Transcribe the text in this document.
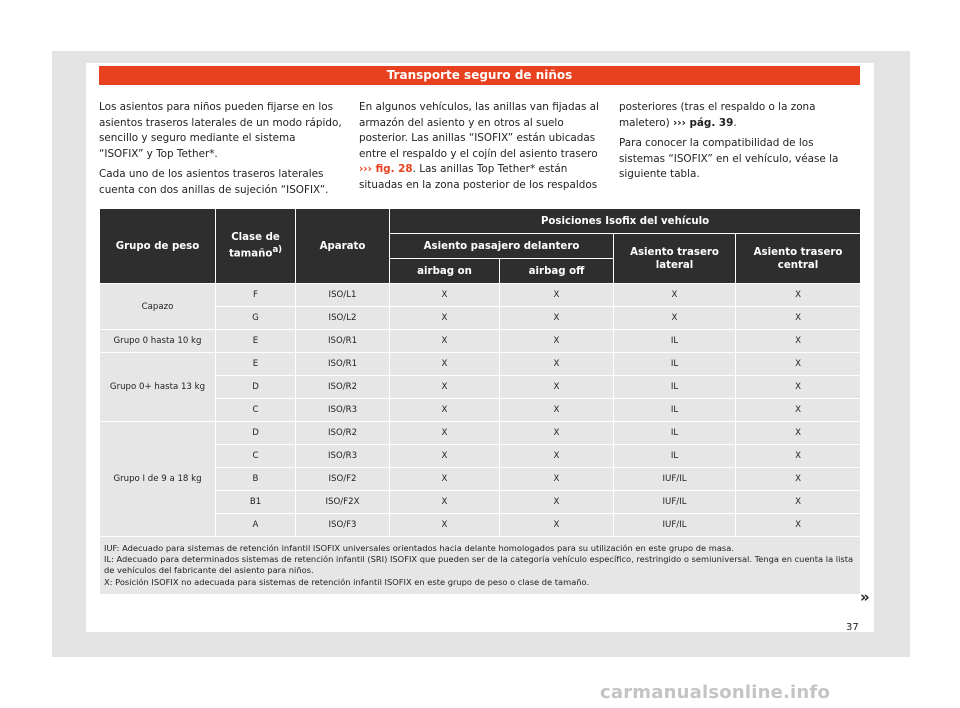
Transporte seguro de niños

Los asientos para niños pueden fijarse en los asientos traseros laterales de un modo rápido, sencillo y seguro mediante el sistema “ISOFIX” y Top Tether*.

Cada uno de los asientos traseros laterales cuenta con dos anillas de sujeción “ISOFIX”.

En algunos vehículos, las anillas van fijadas al armazón del asiento y en otros al suelo posterior. Las anillas “ISOFIX” están ubicadas entre el respaldo y el cojín del asiento trasero ››› fig. 28. Las anillas Top Tether* están situadas en la zona posterior de los respaldos

posteriores (tras el respaldo o la zona maletero) ››› pág. 39.

Para conocer la compatibilidad de los sistemas “ISOFIX” en el vehículo, véase la siguiente tabla.

Grupo de peso	Clase de tamaño$^{a)}$	Aparato	Posiciones Isofix del vehículo			
			Asiento pasajero delantero		Asiento trasero lateral	Asiento trasero central
			airbag on	airbag off		
Capazo	F	ISO/L1	X	X	X	X
	G	ISO/L2	X	X	X	X
Grupo 0 hasta 10 kg	E	ISO/R1	X	X	IL	X
Grupo 0+ hasta 13 kg	E	ISO/R1	X	X	IL	X
	D	ISO/R2	X	X	IL	X
	C	ISO/R3	X	X	IL	X
Grupo I de 9 a 18 kg	D	ISO/R2	X	X	IL	X
	C	ISO/R3	X	X	IL	X
	B	ISO/F2	X	X	IUF/IL	X
	B1	ISO/F2X	X	X	IUF/IL	X
	A	ISO/F3	X	X	IUF/IL	X

IUF: Adecuado para sistemas de retención infantil ISOFIX universales orientados hacia delante homologados para su utilización en este grupo de masa.
IL: Adecuado para determinados sistemas de retención infantil (SRI) ISOFIX que pueden ser de la categoría vehículo específico, restringido o semiuniversal. Tenga en cuenta la lista de vehículos del fabricante del asiento para niños.
X: Posición ISOFIX no adecuada para sistemas de retención infantil ISOFIX en este grupo de peso o clase de tamaño.						
»
37
carmanualsonline.info
